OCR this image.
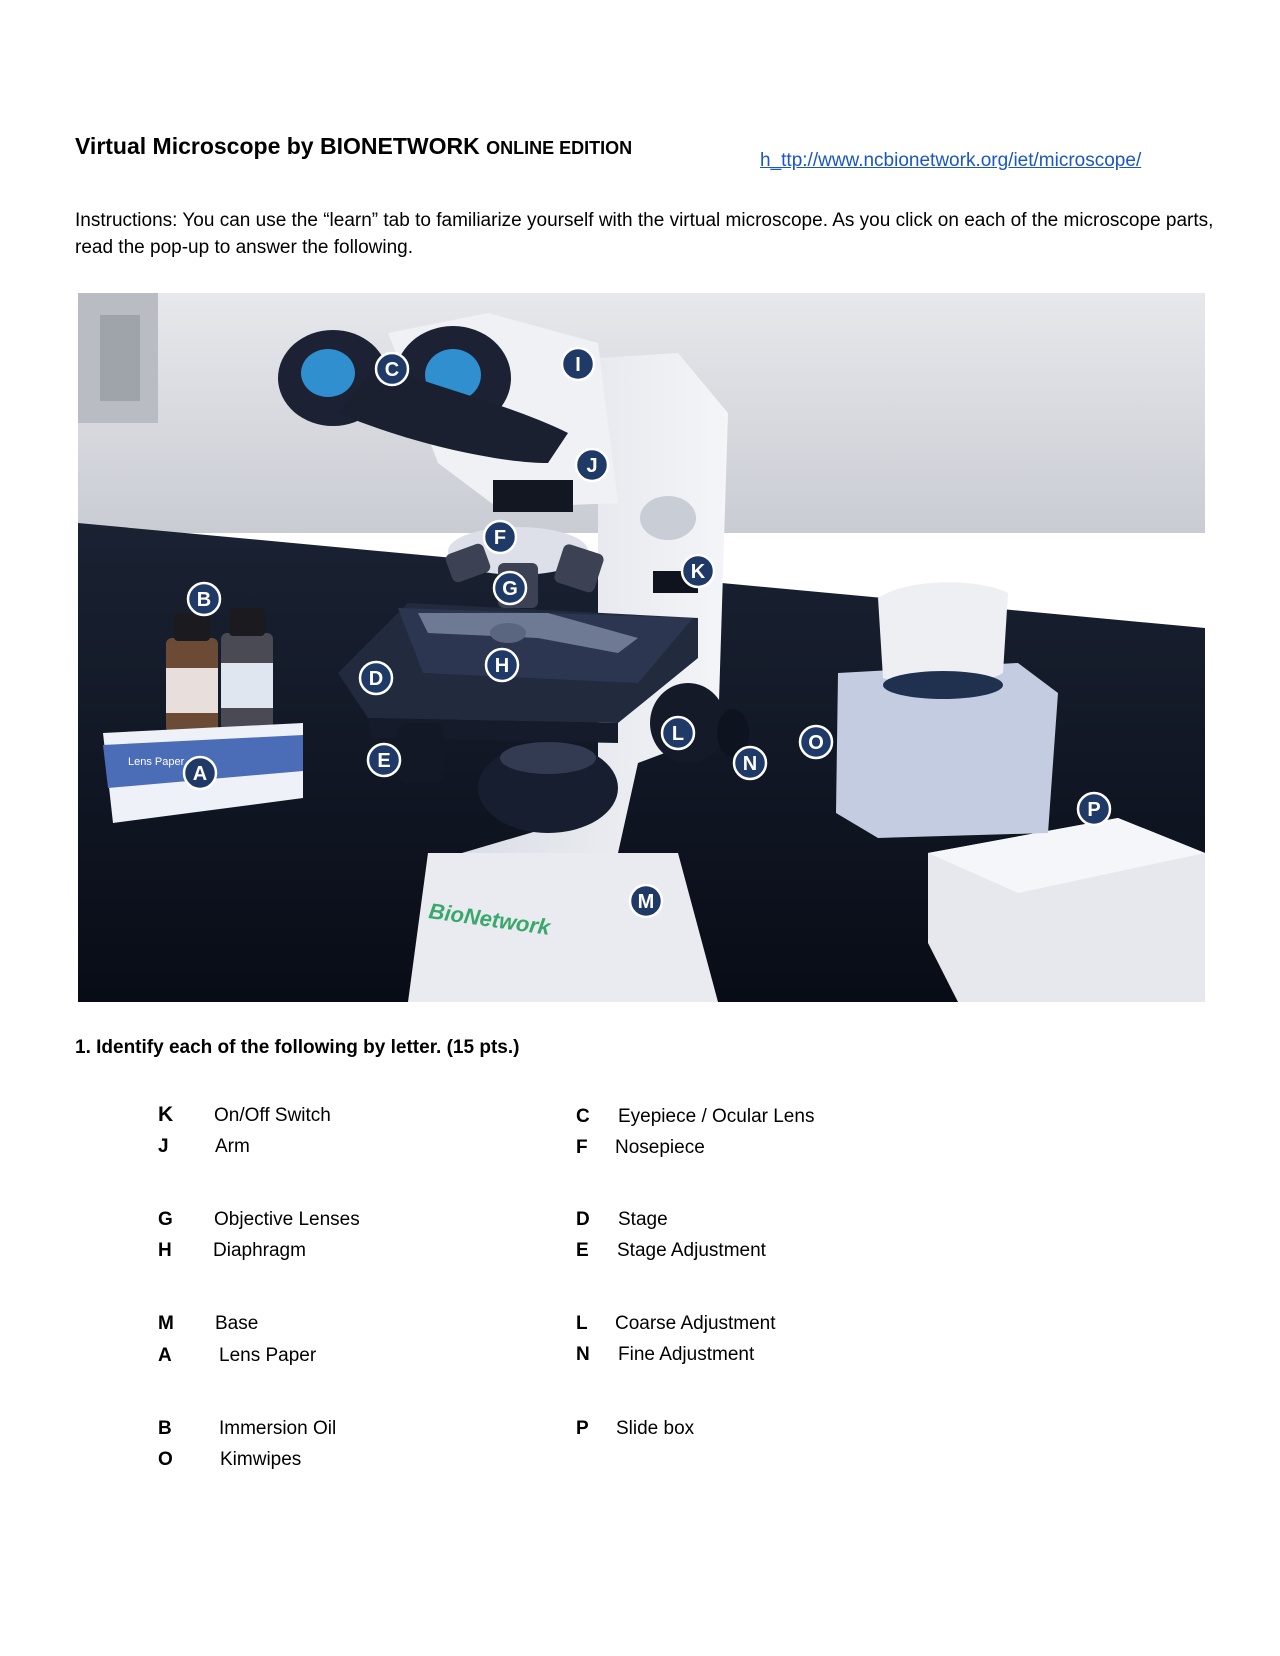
Virtual Microscope by BIONETWORK ONLINE EDITION
h_ttp://www.ncbionetwork.org/iet/microscope/
Instructions: You can use the “learn” tab to familiarize yourself with the virtual microscope. As you click on each of the microscope parts, read the pop-up to answer the following.
Lens Paper
BioNetwork
C	I
J
F
G
K
B
H
D
L
N
O
E
A
P
M
1. Identify each of the following by letter. (15 pts.)
K On/Off Switch
J Arm
G Objective Lenses
H Diaphragm
M Base
A Lens Paper
B Immersion Oil
O Kimwipes
C Eyepiece / Ocular Lens
F Nosepiece
D Stage
E Stage Adjustment
L Coarse Adjustment
N Fine Adjustment
P Slide box
